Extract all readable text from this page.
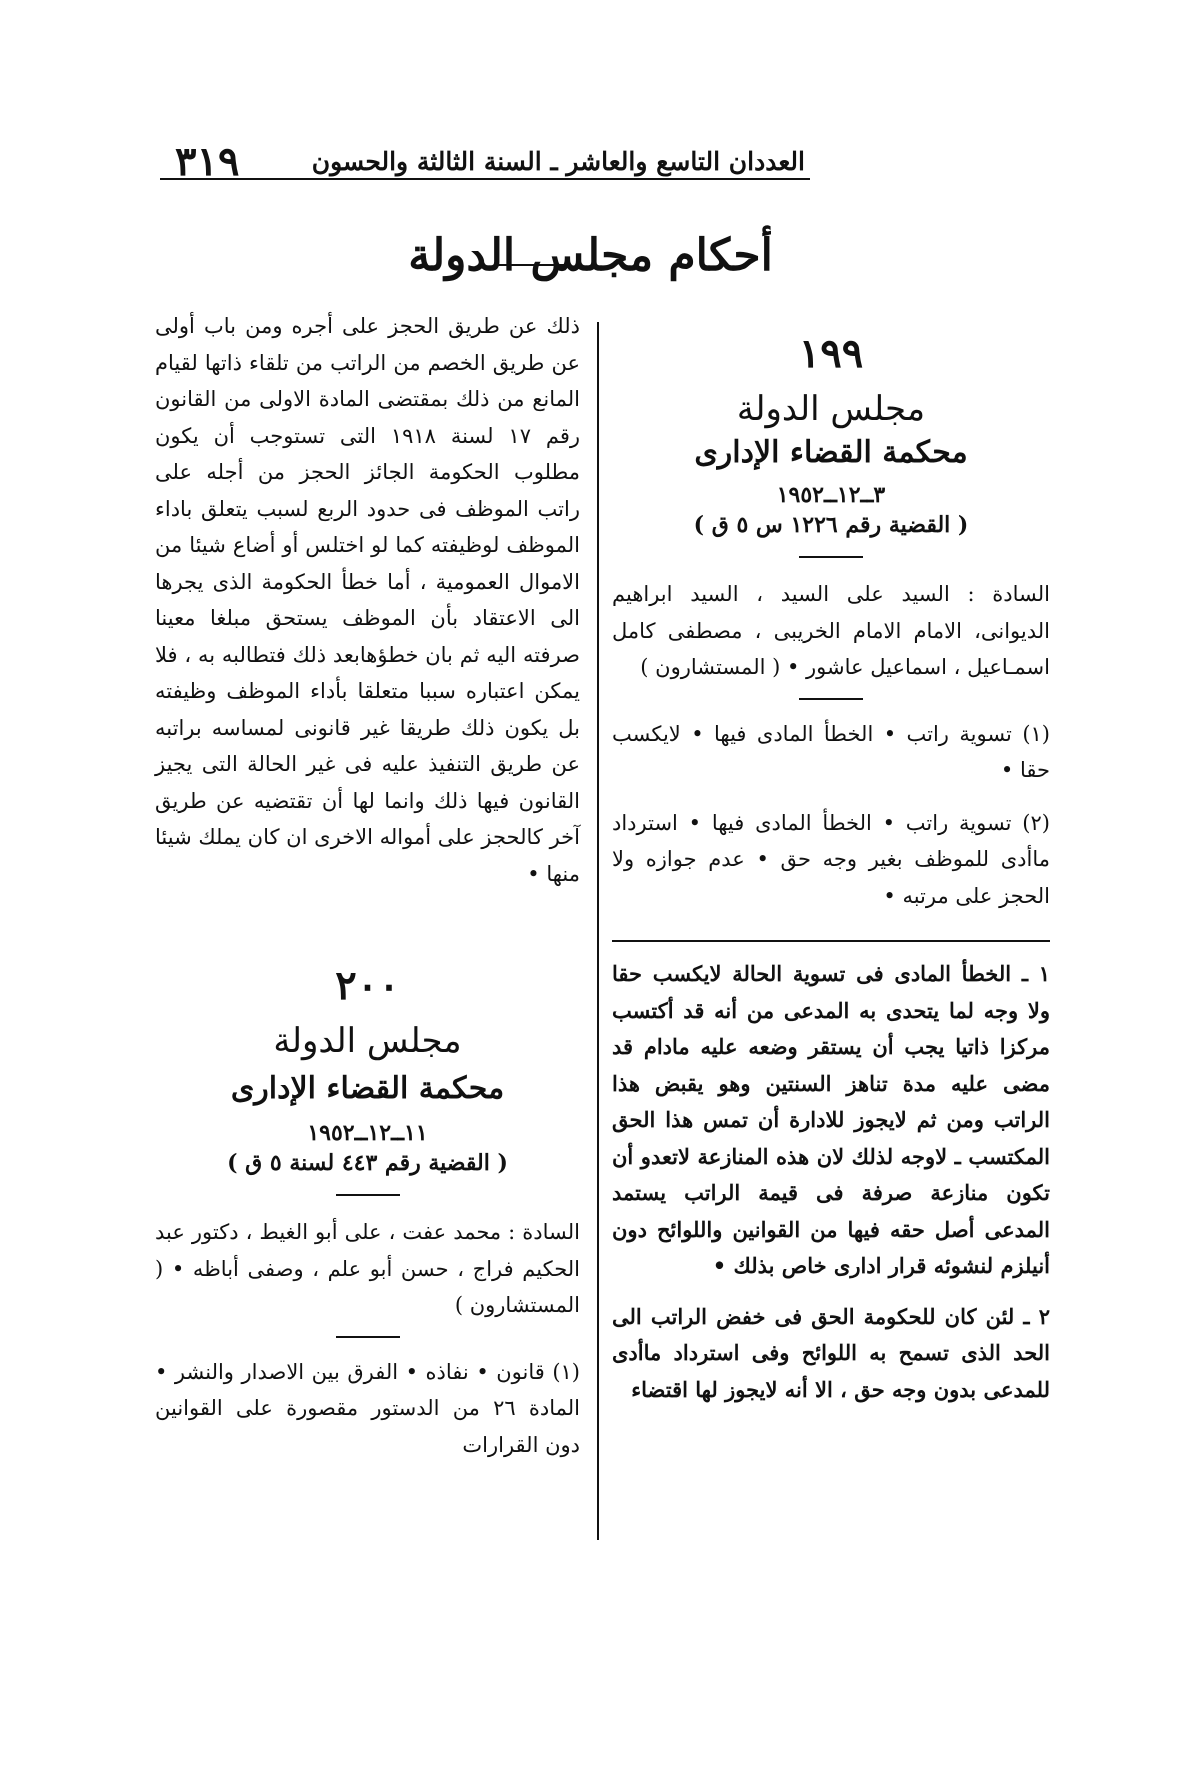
٣١٩	العددان التاسع والعاشر ـ السنة الثالثة والحسون
أحكام مجلس الدولة
١٩٩
مجلس الدولة
محكمة القضاء الإدارى
٣ــ١٢ــ١٩٥٢
( القضية رقم ١٢٢٦ س ٥ ق )

السادة : السيد على السيد ، السيد ابراهيم الديوانى، الامام الامام الخريبى ، مصطفى كامل اسمـاعيل ، اسماعيل عاشور • ( المستشارون )

(١) تسوية راتب • الخطأ المادى فيها • لايكسب حقا •

(٢) تسوية راتب • الخطأ المادى فيها • استرداد ماأدى للموظف بغير وجه حق • عدم جوازه ولا الحجز على مرتبه •

١ ـ الخطأ المادى فى تسوية الحالة لايكسب حقا ولا وجه لما يتحدى به المدعى من أنه قد أكتسب مركزا ذاتيا يجب أن يستقر وضعه عليه مادام قد مضى عليه مدة تناهز السنتين وهو يقبض هذا الراتب ومن ثم لايجوز للادارة أن تمس هذا الحق المكتسب ـ لاوجه لذلك لان هذه المنازعة لاتعدو أن تكون منازعة صرفة فى قيمة الراتب يستمد المدعى أصل حقه فيها من القوانين واللوائح دون أنيلزم لنشوئه قرار ادارى خاص بذلك •

٢ ـ لئن كان للحكومة الحق فى خفض الراتب الى الحد الذى تسمح به اللوائح وفى استرداد ماأدى للمدعى بدون وجه حق ، الا أنه لايجوز لها اقتضاء

ذلك عن طريق الحجز على أجره ومن باب أولى عن طريق الخصم من الراتب من تلقاء ذاتها لقيام المانع من ذلك بمقتضى المادة الاولى من القانون رقم ١٧ لسنة ١٩١٨ التى تستوجب أن يكون مطلوب الحكومة الجائز الحجز من أجله على راتب الموظف فى حدود الربع لسبب يتعلق باداء الموظف لوظيفته كما لو اختلس أو أضاع شيئا من الاموال العمومية ، أما خطأ الحكومة الذى يجرها الى الاعتقاد بأن الموظف يستحق مبلغا معينا صرفته اليه ثم بان خطؤهابعد ذلك فتطالبه به ، فلا يمكن اعتباره سببا متعلقا بأداء الموظف وظيفته بل يكون ذلك طريقا غير قانونى لمساسه براتبه عن طريق التنفيذ عليه فى غير الحالة التى يجيز القانون فيها ذلك وانما لها أن تقتضيه عن طريق آخر كالحجز على أمواله الاخرى ان كان يملك شيئا منها •

٢٠٠
مجلس الدولة
محكمة القضاء الإدارى
١١ــ١٢ــ١٩٥٢
( القضية رقم ٤٤٣ لسنة ٥ ق )

السادة : محمد عفت ، على أبو الغيط ، دكتور عبد الحكيم فراج ، حسن أبو علم ، وصفى أباظه • ( المستشارون )

(١) قانون • نفاذه • الفرق بين الاصدار والنشر • المادة ٢٦ من الدستور مقصورة على القوانين دون القرارات
